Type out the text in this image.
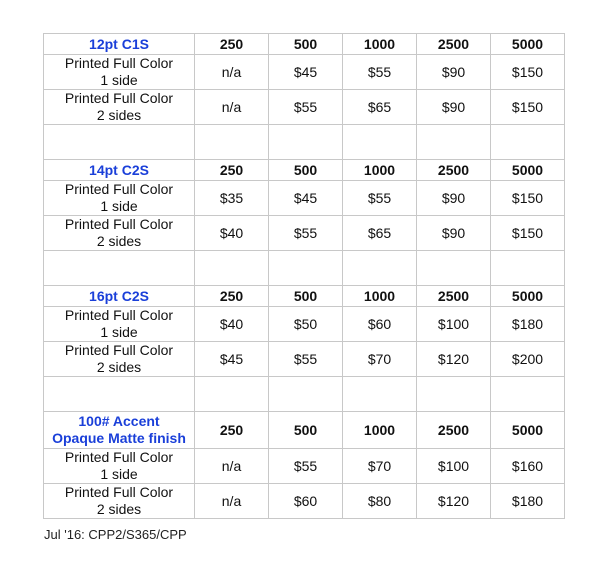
12pt C1S	250	500	1000	2500	5000

Printed Full Color
1 side	n/a	$45	$55	$90	$150

Printed Full Color
2 sides	n/a	$55	$65	$90	$150

14pt C2S	250	500	1000	2500	5000

Printed Full Color
1 side	$35	$45	$55	$90	$150

Printed Full Color
2 sides	$40	$55	$65	$90	$150

16pt C2S	250	500	1000	2500	5000

Printed Full Color
1 side	$40	$50	$60	$100	$180

Printed Full Color
2 sides	$45	$55	$70	$120	$200

100# Accent
Opaque Matte finish	250	500	1000	2500	5000

Printed Full Color
1 side	n/a	$55	$70	$100	$160

Printed Full Color
2 sides	n/a	$60	$80	$120	$180
Jul '16: CPP2/S365/CPP
